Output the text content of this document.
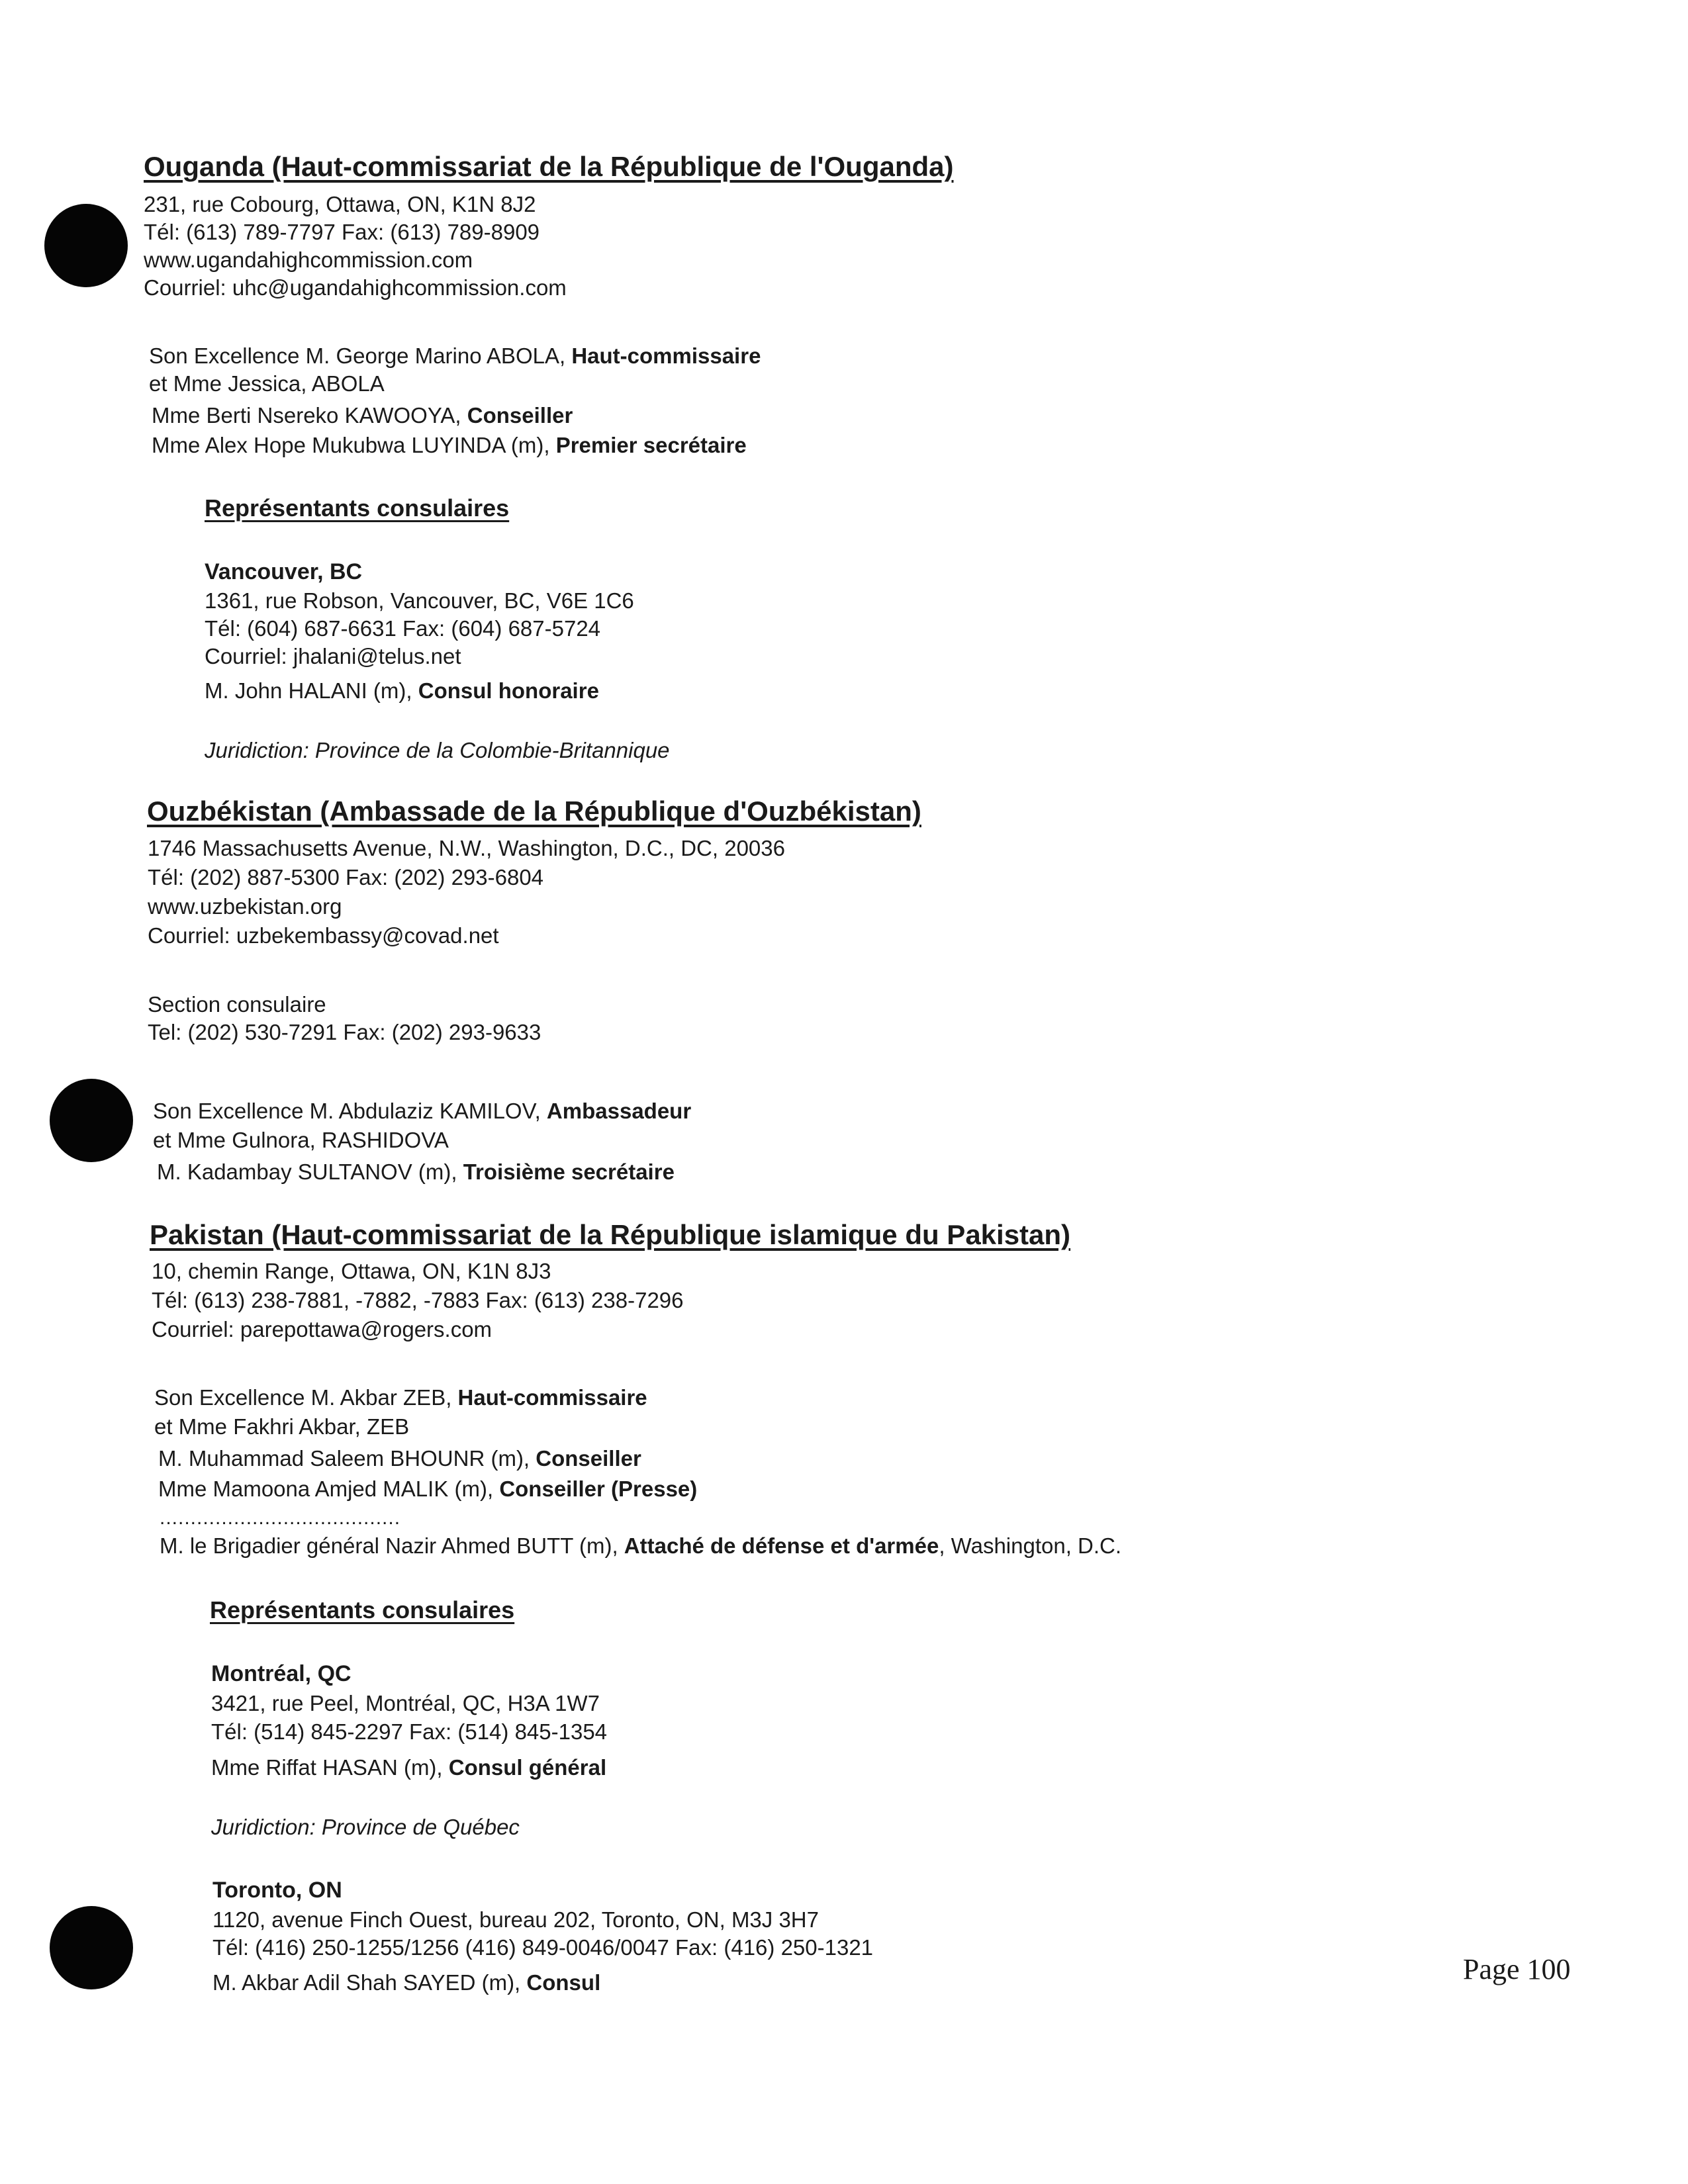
Ouganda (Haut-commissariat de la République de l'Ouganda)
231, rue Cobourg, Ottawa, ON, K1N 8J2
Tél: (613) 789-7797 Fax: (613) 789-8909
www.ugandahighcommission.com
Courriel: uhc@ugandahighcommission.com
Son Excellence M. George Marino ABOLA, Haut-commissaire
et Mme Jessica, ABOLA
Mme Berti Nsereko KAWOOYA, Conseiller
Mme Alex Hope Mukubwa LUYINDA (m), Premier secrétaire
Représentants consulaires
Vancouver, BC
1361, rue Robson, Vancouver, BC, V6E 1C6
Tél: (604) 687-6631 Fax: (604) 687-5724
Courriel: jhalani@telus.net
M. John HALANI (m), Consul honoraire
Juridiction: Province de la Colombie-Britannique
Ouzbékistan (Ambassade de la République d'Ouzbékistan)
1746 Massachusetts Avenue, N.W., Washington, D.C., DC, 20036
Tél: (202) 887-5300 Fax: (202) 293-6804
www.uzbekistan.org
Courriel: uzbekembassy@covad.net
Section consulaire
Tel: (202) 530-7291 Fax: (202) 293-9633
Son Excellence M. Abdulaziz KAMILOV, Ambassadeur
et Mme Gulnora, RASHIDOVA
M. Kadambay SULTANOV (m), Troisième secrétaire
Pakistan (Haut-commissariat de la République islamique du Pakistan)
10, chemin Range, Ottawa, ON, K1N 8J3
Tél: (613) 238-7881, -7882, -7883 Fax: (613) 238-7296
Courriel: parepottawa@rogers.com
Son Excellence M. Akbar ZEB, Haut-commissaire
et Mme Fakhri Akbar, ZEB
M. Muhammad Saleem BHOUNR (m), Conseiller
Mme Mamoona Amjed MALIK (m), Conseiller (Presse)
.......................................
M. le Brigadier général Nazir Ahmed BUTT (m), Attaché de défense et d'armée, Washington, D.C.
Représentants consulaires
Montréal, QC
3421, rue Peel, Montréal, QC, H3A 1W7
Tél: (514) 845-2297 Fax: (514) 845-1354
Mme Riffat HASAN (m), Consul général
Juridiction: Province de Québec
Toronto, ON
1120, avenue Finch Ouest, bureau 202, Toronto, ON, M3J 3H7
Tél: (416) 250-1255/1256 (416) 849-0046/0047 Fax: (416) 250-1321
M. Akbar Adil Shah SAYED (m), Consul	Page 100
